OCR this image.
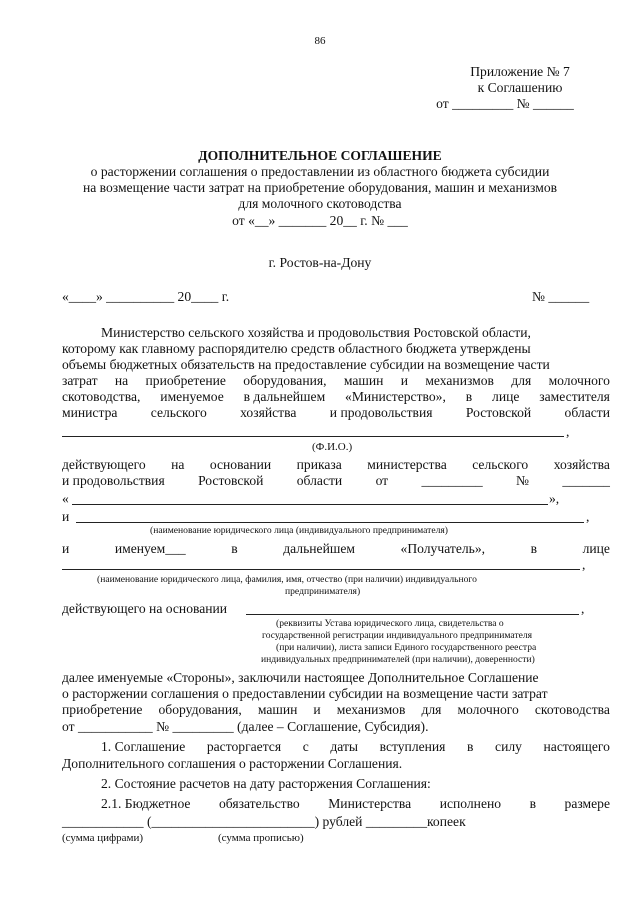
86
Приложение № 7
к Соглашению
от _________ № ______
ДОПОЛНИТЕЛЬНОЕ СОГЛАШЕНИЕ
о расторжении соглашения о предоставлении из областного бюджета субсидии
на возмещение части затрат на приобретение оборудования, машин и механизмов
для молочного скотоводства
от «__» _______ 20__ г. № ___
г. Ростов-на-Дону
«____» __________ 20____ г.	№ ______
Министерство сельского хозяйства и продовольствия Ростовской области,
которому как главному распорядителю средств областного бюджета утверждены
объемы бюджетных обязательств на предоставление субсидии на возмещение части
затрат на приобретение оборудования, машин и механизмов для молочного
скотоводства, именуемое в дальнейшем «Министерство», в лице заместителя
министра сельского хозяйства и продовольствия Ростовской области
,
(Ф.И.О.)
действующего на основании приказа министерства сельского хозяйства
и продовольствия Ростовской области от _________ № _______
«	»,
и	,
(наименование юридического лица (индивидуального предпринимателя)
и	именуем___	в	дальнейшем	«Получатель»,	в	лице
,
(наименование юридического лица, фамилия, имя, отчество (при наличии) индивидуального
предпринимателя)
действующего на основании	,
(реквизиты Устава юридического лица, свидетельства о
государственной регистрации индивидуального предпринимателя
(при наличии), листа записи Единого государственного реестра
индивидуальных предпринимателей (при наличии), доверенности)
далее именуемые «Стороны», заключили настоящее Дополнительное Соглашение
о расторжении соглашения о предоставлении субсидии на возмещение части затрат
приобретение оборудования, машин и механизмов для молочного скотоводства
от ___________ № _________ (далее – Соглашение, Субсидия).
1. Соглашение расторгается с даты вступления в силу настоящего
Дополнительного соглашения о расторжении Соглашения.
2. Состояние расчетов на дату расторжения Соглашения:
2.1. Бюджетное обязательство Министерства исполнено в размере
____________ (________________________) рублей _________копеек
(сумма цифрами)	(сумма прописью)
